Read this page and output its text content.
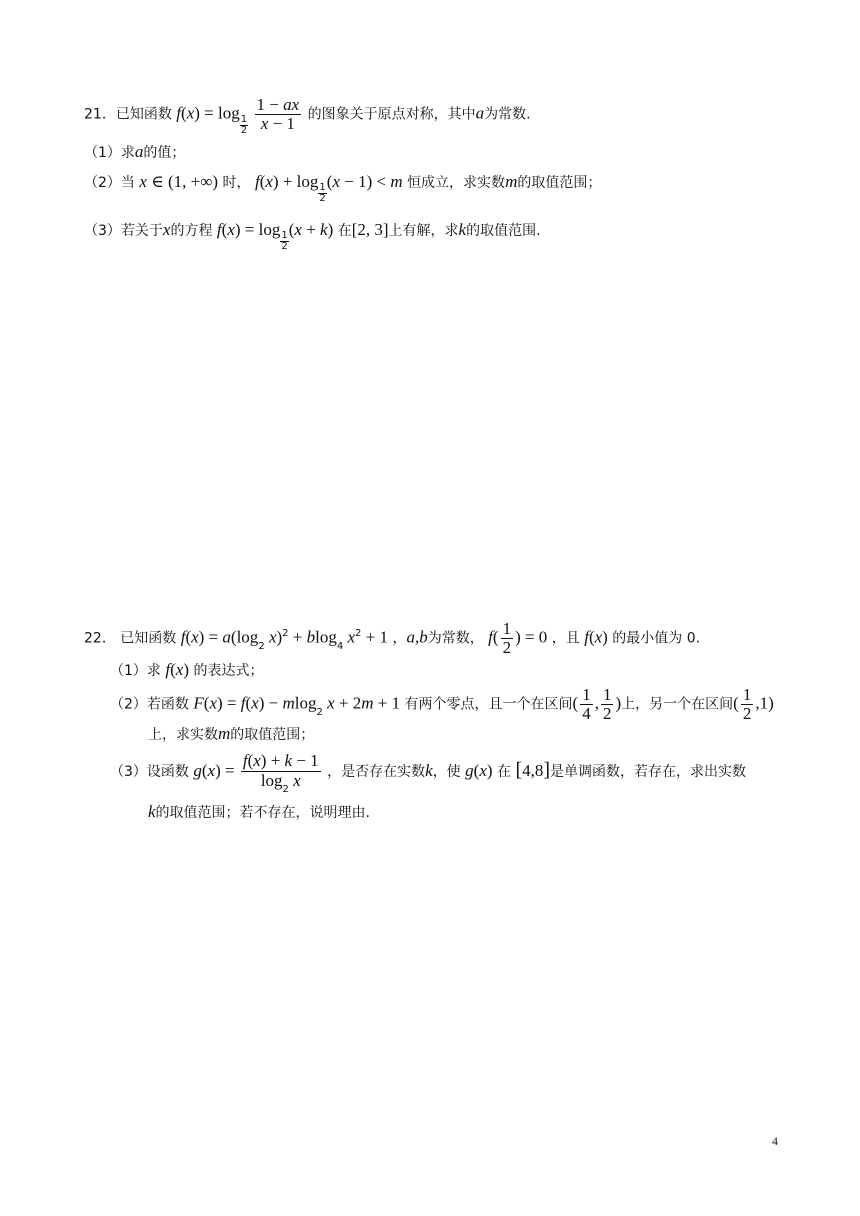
21．已知函数 f(x) = log
$\frac{1}{2}$
$\frac{1 - ax}{x - 1}$ 的图象关于原点对称，其中a为常数.
（1）求a的值；
（2）当 x ∈ (1, +∞) 时， f(x) + log
$\frac{1}{2}$
(x − 1) < m 恒成立，求实数m的取值范围；
（3）若关于x的方程 f(x) = log
$\frac{1}{2}$
(x + k) 在[2, 3]上有解，求k的取值范围.
22． 已知函数 $f(x) = a(\log_2$ x)$^2$ + blog$_4$ $x^2 + 1$ ，a,b为常数， $f( \frac{1}{2}$ ) = 0 ，且 f(x) 的最小值为 0.
（1）求 f(x) 的表达式；
（2）若函数 F(x) = f(x) − mlog$_2$ x + 2m + 1 有两个零点，且一个在区间( $\frac{1}{4}$ , $\frac{1}{2}$ )上，另一个在区间( $\frac{1}{2} ,1$)
上，求实数m的取值范围；
（3）设函数 $g(x) = \frac{f(x) + k - 1}{\log_2 x}$ ，是否存在实数k，使 g(x) 在 [4,8]是单调函数，若存在，求出实数
k的取值范围；若不存在，说明理由.
4
